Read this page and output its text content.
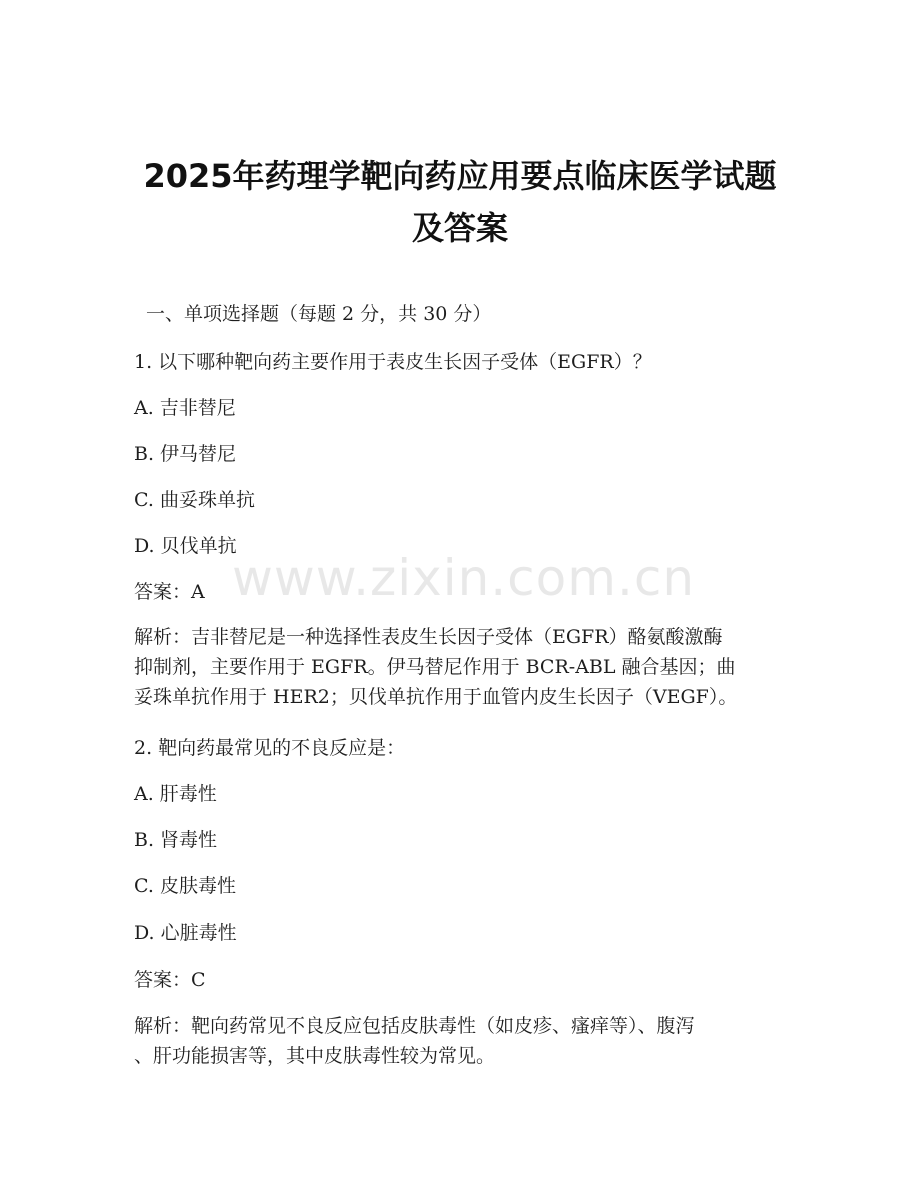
2025年药理学靶向药应用要点临床医学试题
及答案
一、单项选择题（每题 2 分，共 30 分）
1. 以下哪种靶向药主要作用于表皮生长因子受体（EGFR）？
A. 吉非替尼
B. 伊马替尼
C. 曲妥珠单抗
D. 贝伐单抗
答案：A
解析：吉非替尼是一种选择性表皮生长因子受体（EGFR）酪氨酸激酶
抑制剂，主要作用于 EGFR。伊马替尼作用于 BCR-ABL 融合基因；曲
妥珠单抗作用于 HER2；贝伐单抗作用于血管内皮生长因子（VEGF）。
2. 靶向药最常见的不良反应是：
A. 肝毒性
B. 肾毒性
C. 皮肤毒性
D. 心脏毒性
答案：C
解析：靶向药常见不良反应包括皮肤毒性（如皮疹、瘙痒等）、腹泻
、肝功能损害等，其中皮肤毒性较为常见。
www.zixin.com.cn
